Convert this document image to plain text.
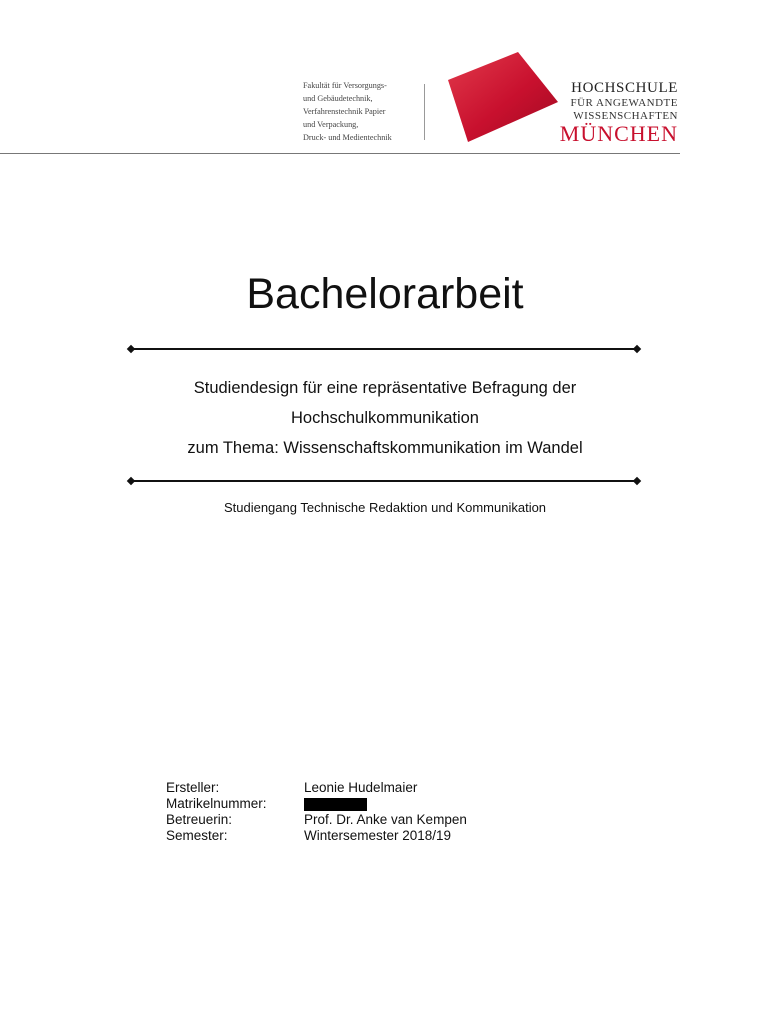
Fakultät für Versorgungs-
und Gebäudetechnik,
Verfahrenstechnik Papier
und Verpackung,
Druck- und Medientechnik
HOCHSCHULE
FÜR ANGEWANDTE
WISSENSCHAFTEN
MÜNCHEN
Bachelorarbeit
Studiendesign für eine repräsentative Befragung der
Hochschulkommunikation
zum Thema: Wissenschaftskommunikation im Wandel
Studiengang Technische Redaktion und Kommunikation
Ersteller:	Leonie Hudelmaier
Matrikelnummer:
Betreuerin:	Prof. Dr. Anke van Kempen
Semester:	Wintersemester 2018/19
